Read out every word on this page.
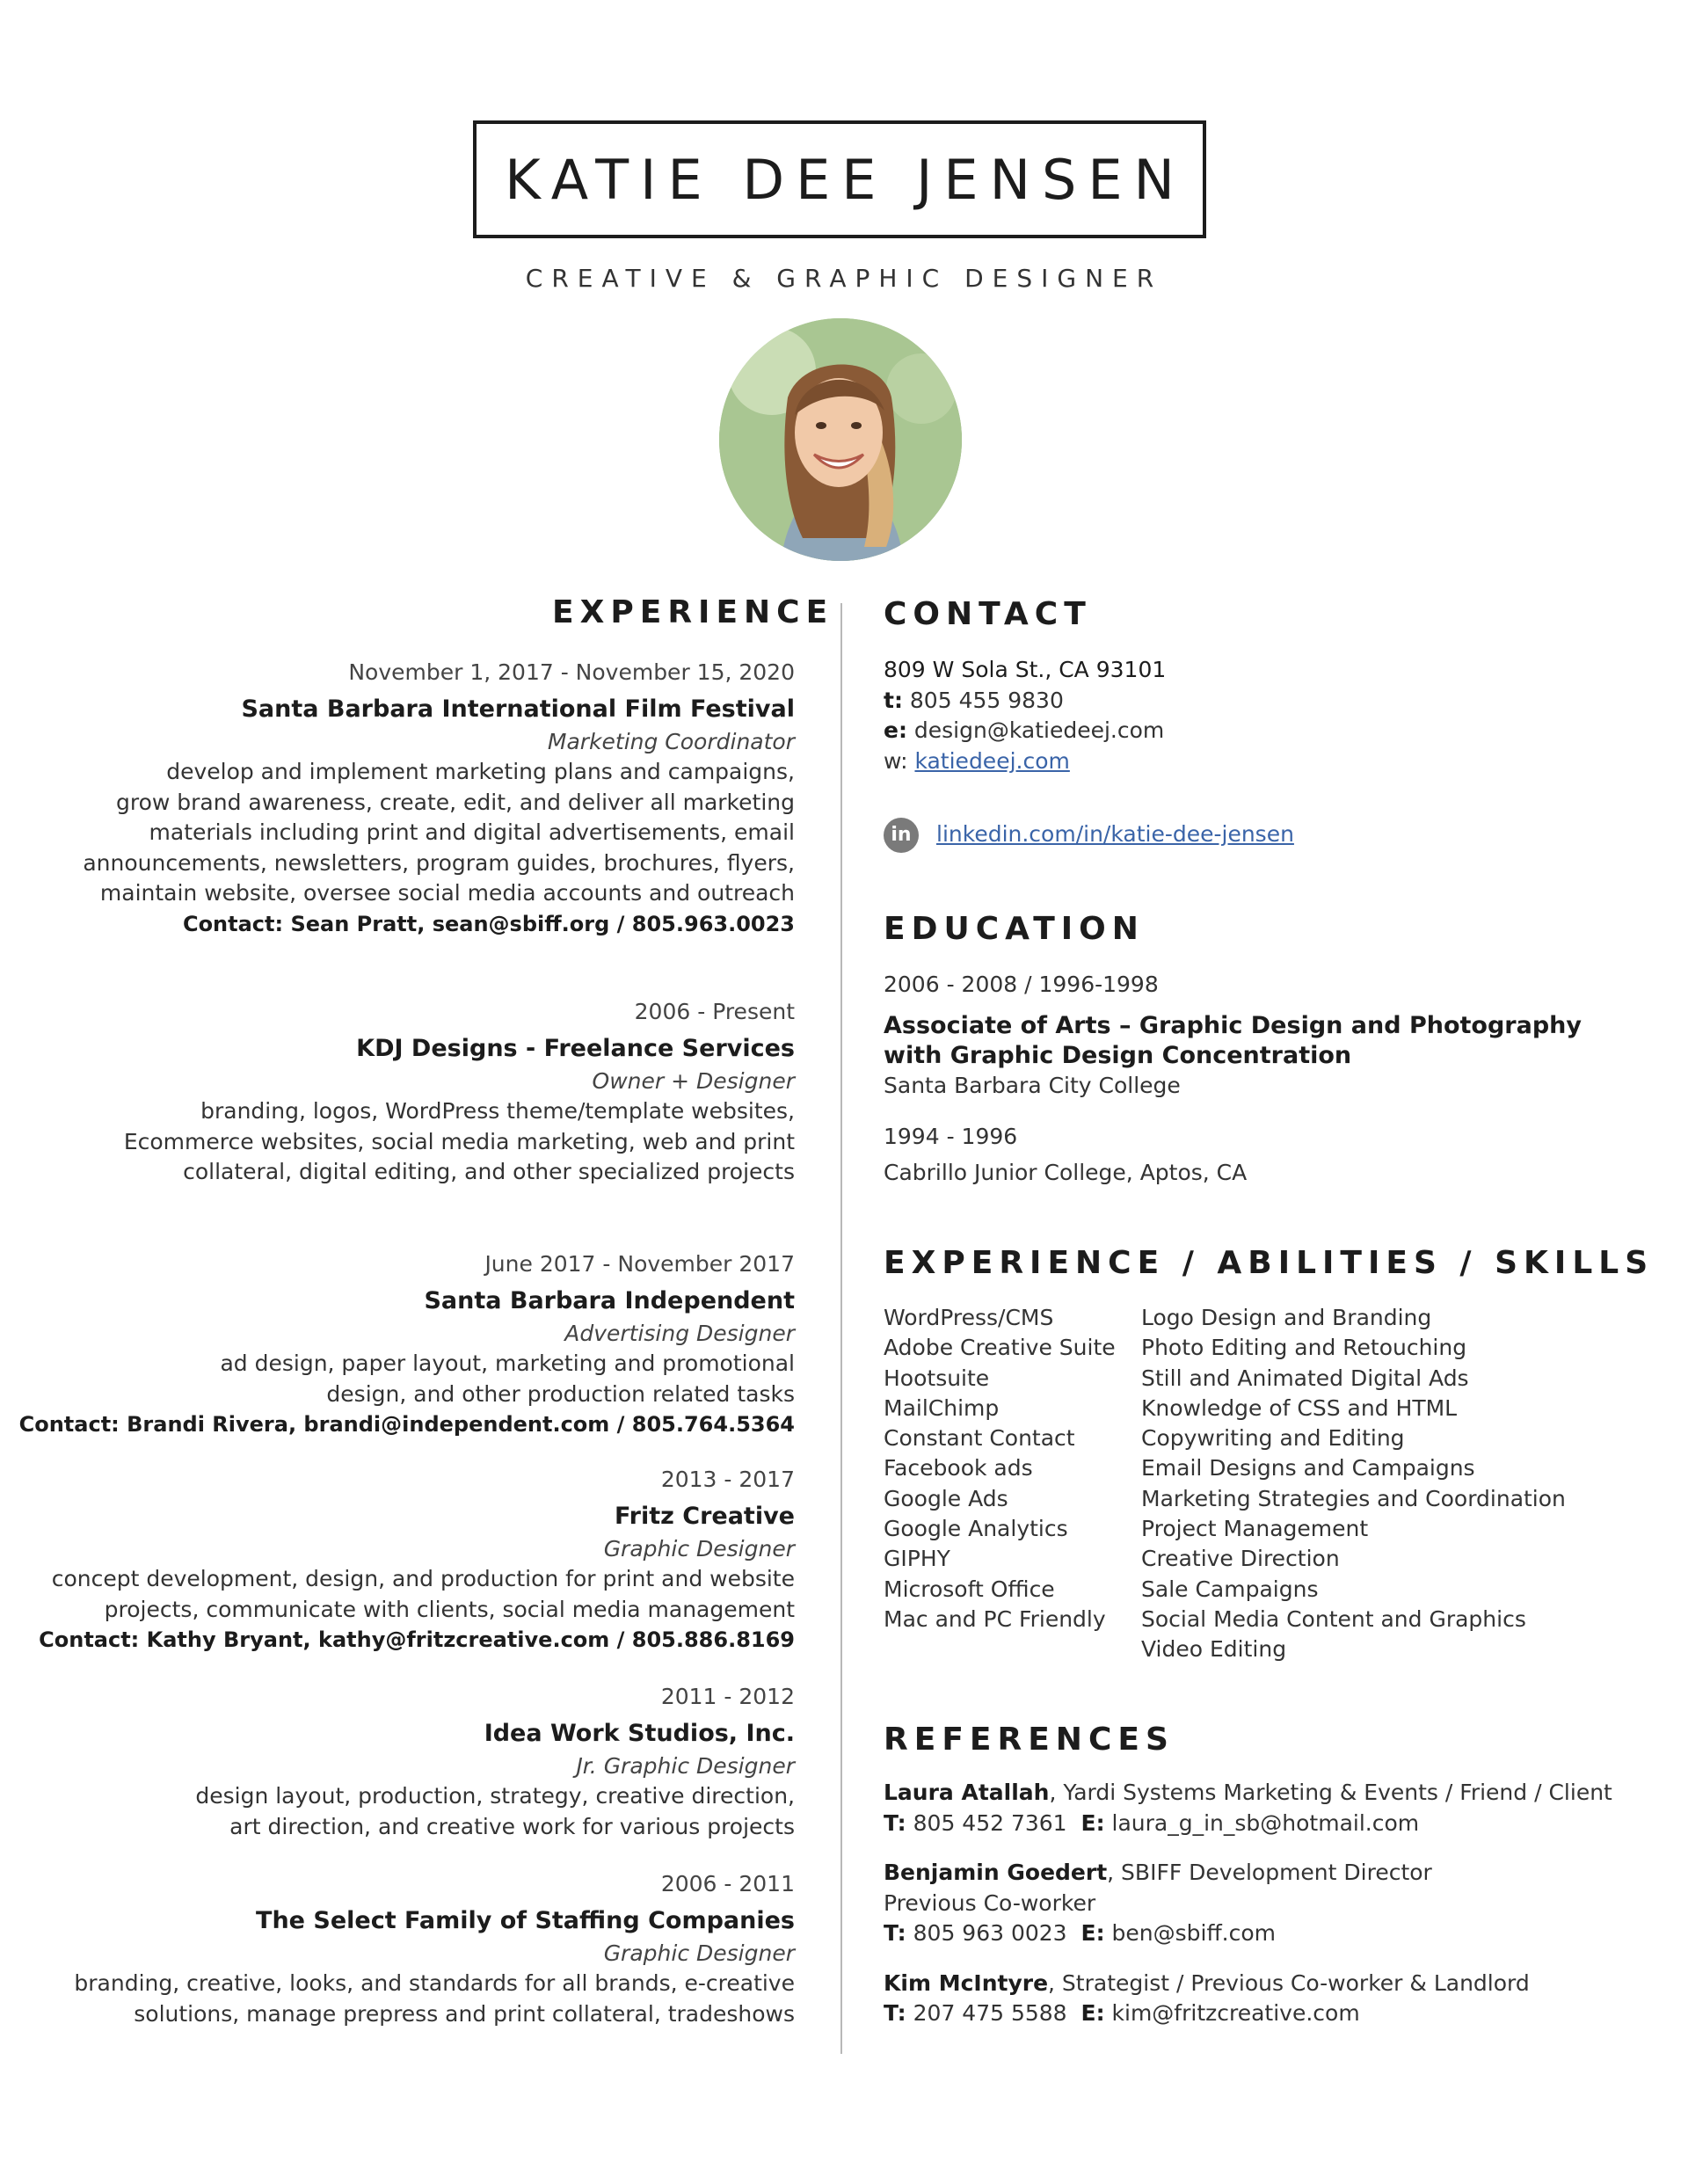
KATIE DEE JENSEN
CREATIVE & GRAPHIC DESIGNER
EXPERIENCE
November 1, 2017 - November 15, 2020
Santa Barbara International Film Festival
Marketing Coordinator
develop and implement marketing plans and campaigns,
grow brand awareness, create, edit, and deliver all marketing
materials including print and digital advertisements, email
announcements, newsletters, program guides, brochures, flyers,
maintain website, oversee social media accounts and outreach
Contact: Sean Pratt, sean@sbiff.org / 805.963.0023
2006 - Present
KDJ Designs - Freelance Services
Owner + Designer
branding, logos, WordPress theme/template websites,
Ecommerce websites, social media marketing, web and print
collateral, digital editing, and other specialized projects
June 2017 - November 2017
Santa Barbara Independent
Advertising Designer
ad design, paper layout, marketing and promotional
design, and other production related tasks
Contact: Brandi Rivera, brandi@independent.com / 805.764.5364
2013 - 2017
Fritz Creative
Graphic Designer
concept development, design, and production for print and website
projects, communicate with clients, social media management
Contact: Kathy Bryant, kathy@fritzcreative.com / 805.886.8169
2011 - 2012
Idea Work Studios, Inc.
Jr. Graphic Designer
design layout, production, strategy, creative direction,
art direction, and creative work for various projects
2006 - 2011
The Select Family of Staffing Companies
Graphic Designer
branding, creative, looks, and standards for all brands, e-creative
solutions, manage prepress and print collateral, tradeshows
CONTACT
809 W Sola St., CA 93101
t: 805 455 9830
e: design@katiedeej.com
w: katiedeej.com
in linkedin.com/in/katie-dee-jensen
EDUCATION
2006 - 2008 / 1996-1998
Associate of Arts – Graphic Design and Photography
with Graphic Design Concentration
Santa Barbara City College
1994 - 1996
Cabrillo Junior College, Aptos, CA
EXPERIENCE / ABILITIES / SKILLS
WordPress/CMS
Adobe Creative Suite
Hootsuite
MailChimp
Constant Contact
Facebook ads
Google Ads
Google Analytics
GIPHY
Microsoft Office
Mac and PC Friendly
Logo Design and Branding
Photo Editing and Retouching
Still and Animated Digital Ads
Knowledge of CSS and HTML
Copywriting and Editing
Email Designs and Campaigns
Marketing Strategies and Coordination
Project Management
Creative Direction
Sale Campaigns
Social Media Content and Graphics
Video Editing
REFERENCES
Laura Atallah, Yardi Systems Marketing & Events / Friend / Client
T: 805 452 7361 E: laura_g_in_sb@hotmail.com
Benjamin Goedert, SBIFF Development Director
Previous Co-worker
T: 805 963 0023 E: ben@sbiff.com
Kim McIntyre, Strategist / Previous Co-worker & Landlord
T: 207 475 5588 E: kim@fritzcreative.com
